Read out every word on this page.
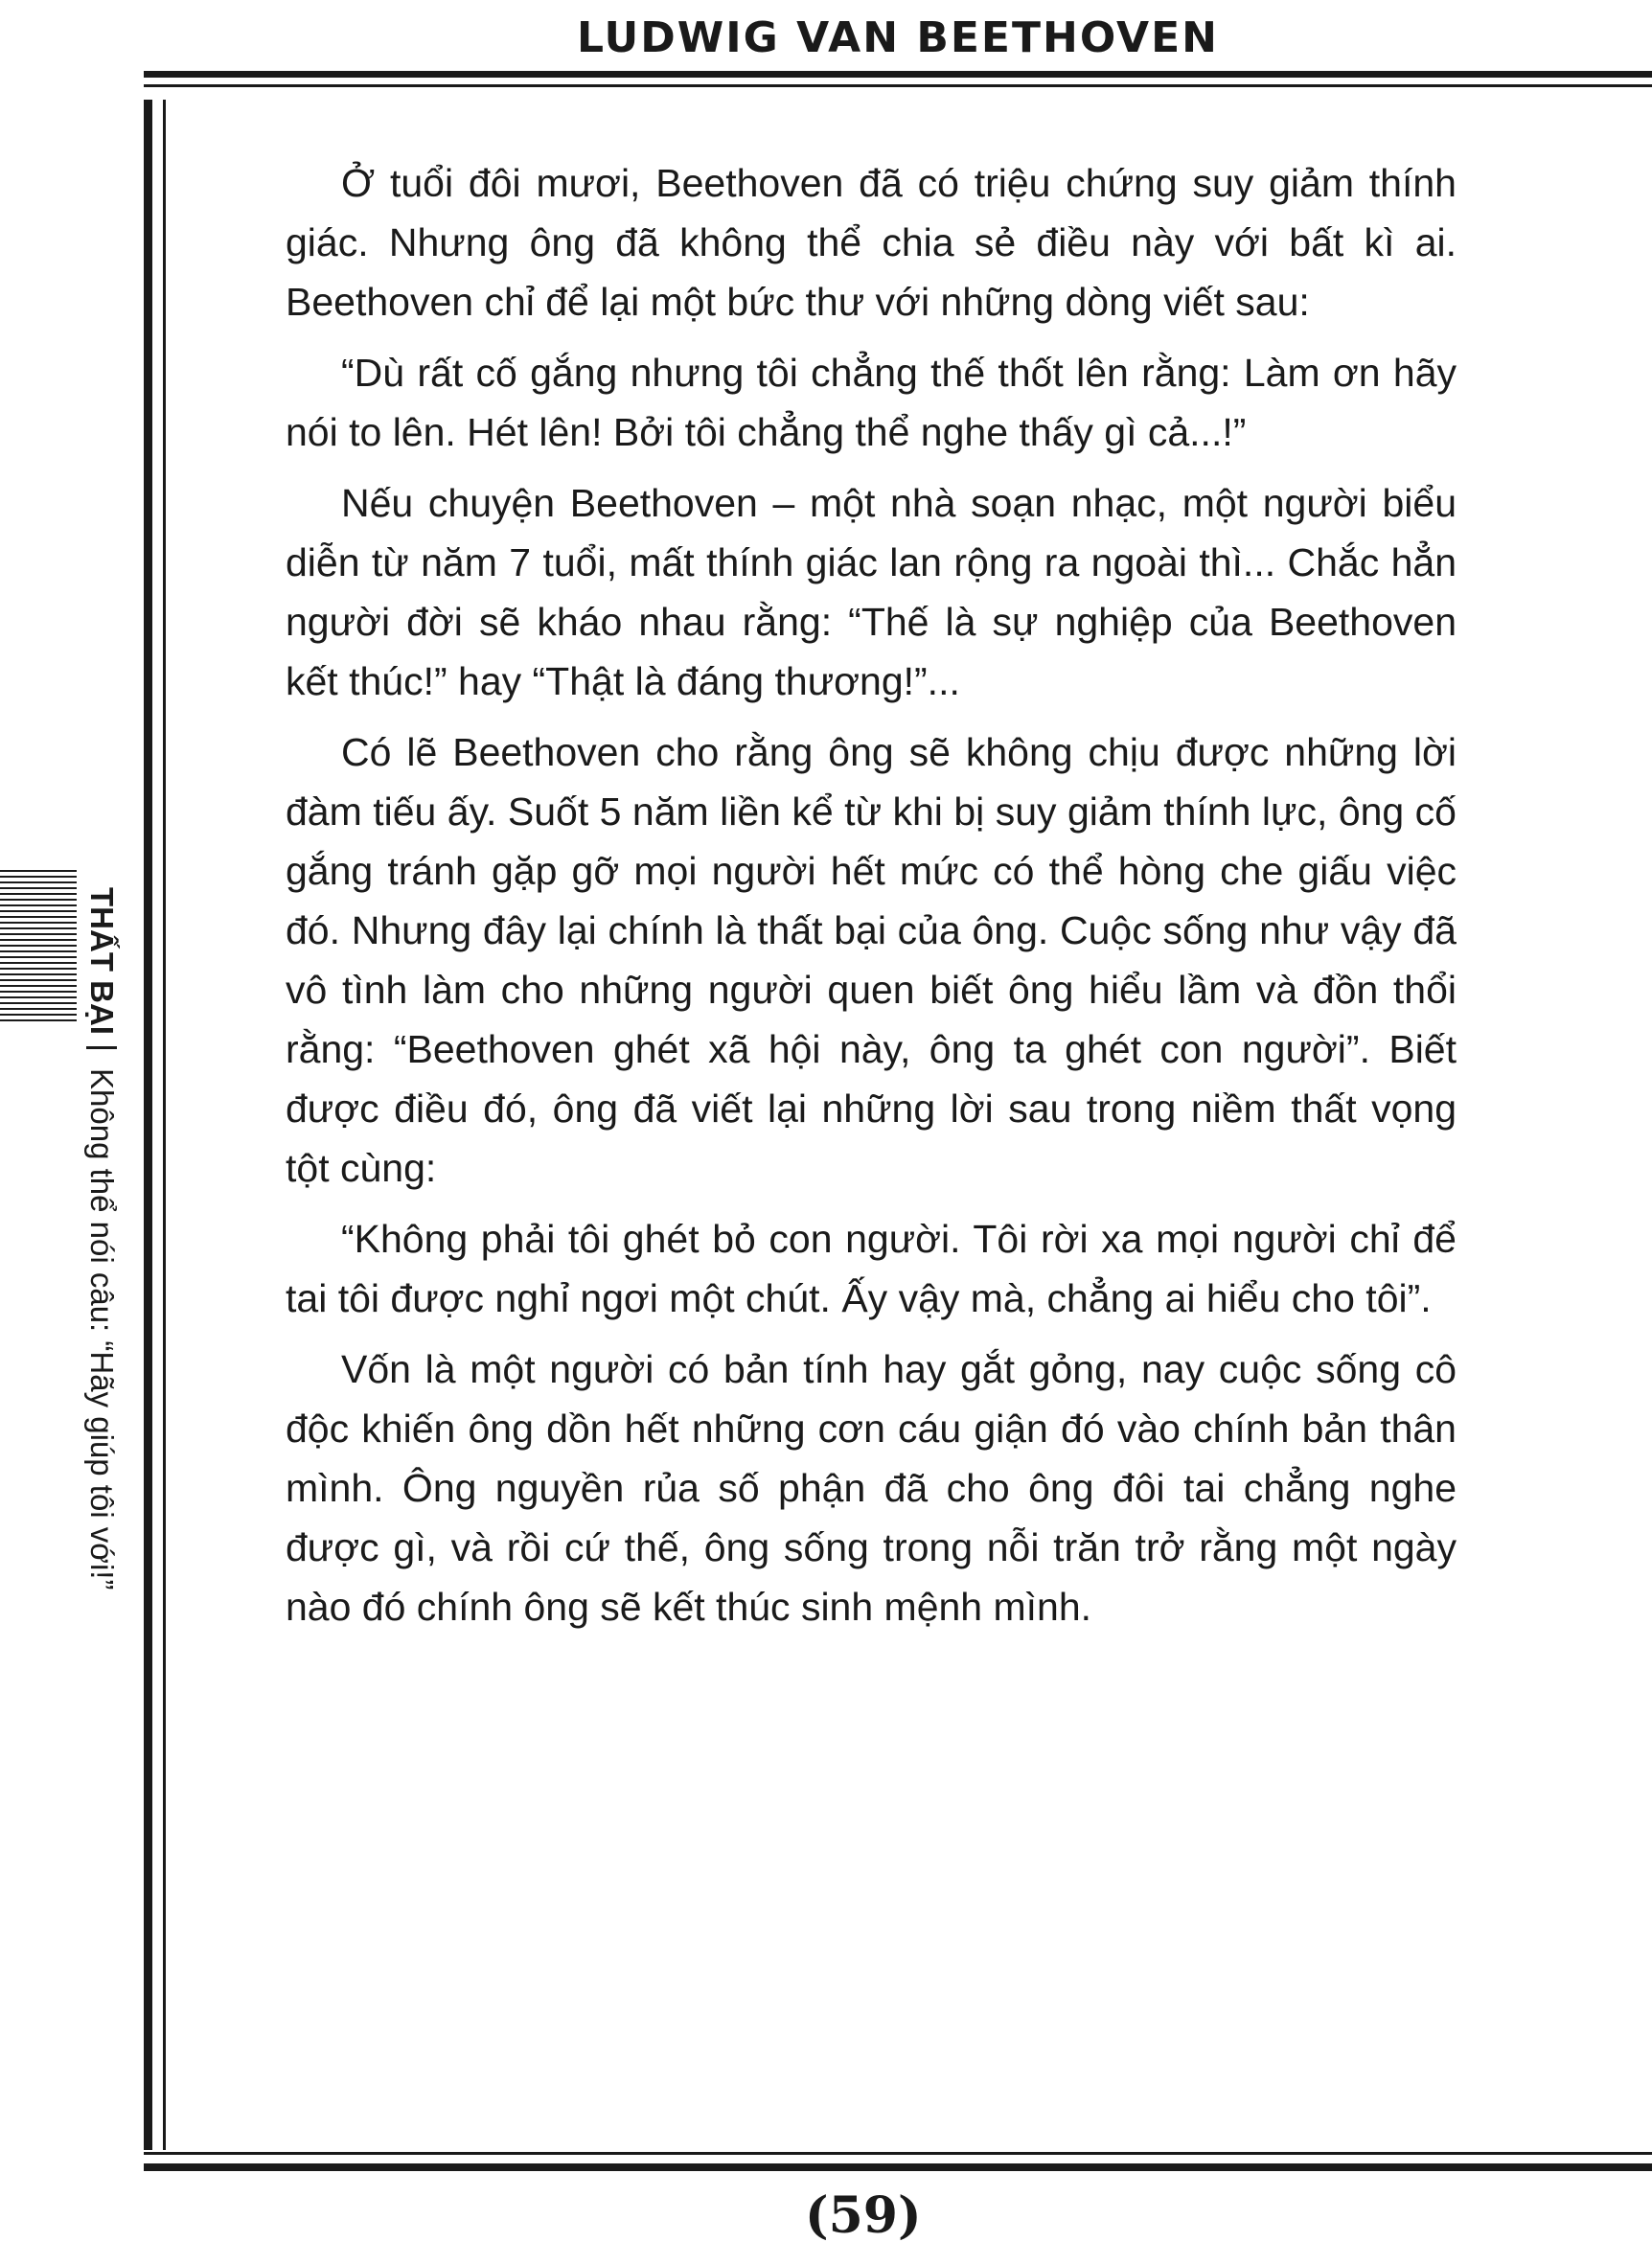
LUDWIG VAN BEETHOVEN
THẤT BẠIKhông thể nói câu: “Hãy giúp tôi với!”

Ở tuổi đôi mươi, Beethoven đã có triệu chứng suy giảm thính giác. Nhưng ông đã không thể chia sẻ điều này với bất kì ai. Beethoven chỉ để lại một bức thư với những dòng viết sau:

“Dù rất cố gắng nhưng tôi chẳng thế thốt lên rằng: Làm ơn hãy nói to lên. Hét lên! Bởi tôi chẳng thể nghe thấy gì cả...!”

Nếu chuyện Beethoven – một nhà soạn nhạc, một người biểu diễn từ năm 7 tuổi, mất thính giác lan rộng ra ngoài thì... Chắc hẳn người đời sẽ kháo nhau rằng: “Thế là sự nghiệp của Beethoven kết thúc!” hay “Thật là đáng thương!”...

Có lẽ Beethoven cho rằng ông sẽ không chịu được những lời đàm tiếu ấy. Suốt 5 năm liền kể từ khi bị suy giảm thính lực, ông cố gắng tránh gặp gỡ mọi người hết mức có thể hòng che giấu việc đó. Nhưng đây lại chính là thất bại của ông. Cuộc sống như vậy đã vô tình làm cho những người quen biết ông hiểu lầm và đồn thổi rằng: “Beethoven ghét xã hội này, ông ta ghét con người”. Biết được điều đó, ông đã viết lại những lời sau trong niềm thất vọng tột cùng:

“Không phải tôi ghét bỏ con người. Tôi rời xa mọi người chỉ để tai tôi được nghỉ ngơi một chút. Ấy vậy mà, chẳng ai hiểu cho tôi”.

Vốn là một người có bản tính hay gắt gỏng, nay cuộc sống cô độc khiến ông dồn hết những cơn cáu giận đó vào chính bản thân mình. Ông nguyền rủa số phận đã cho ông đôi tai chẳng nghe được gì, và rồi cứ thế, ông sống trong nỗi trăn trở rằng một ngày nào đó chính ông sẽ kết thúc sinh mệnh mình.

(59)
